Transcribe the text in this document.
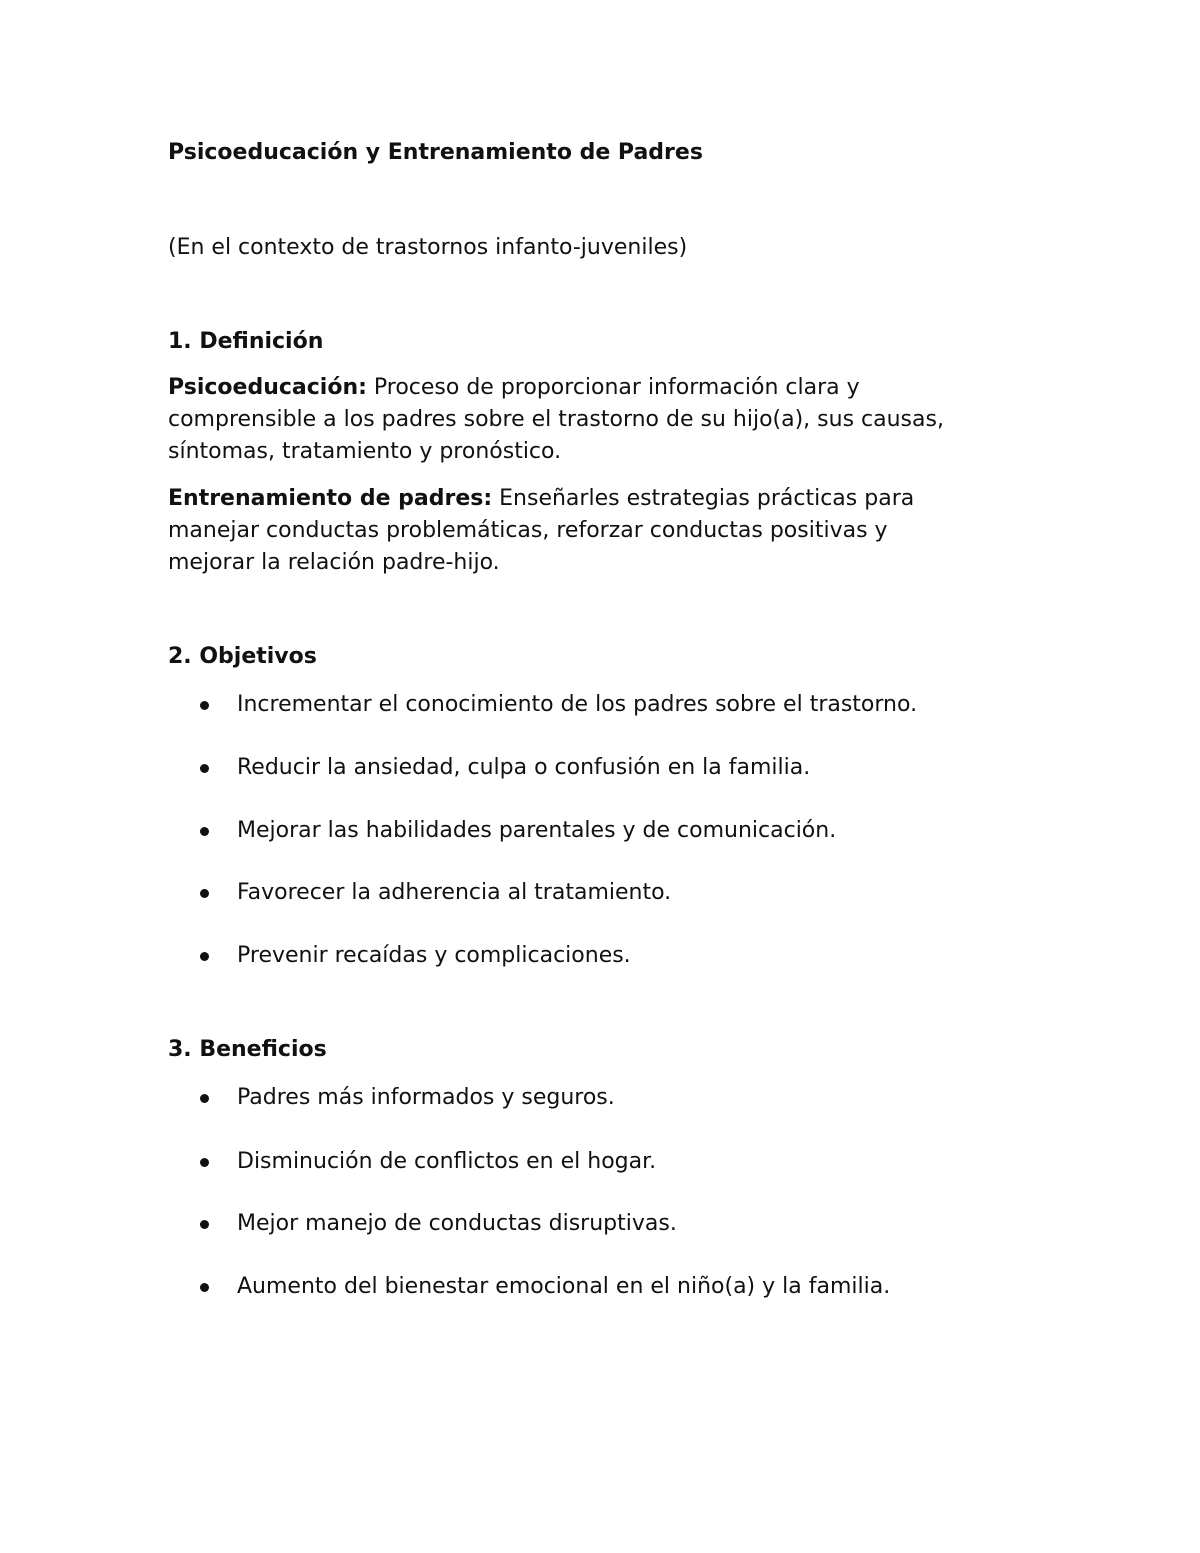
Psicoeducación y Entrenamiento de Padres
(En el contexto de trastornos infanto-juveniles)
1. Definición
Psicoeducación: Proceso de proporcionar información clara y
comprensible a los padres sobre el trastorno de su hijo(a), sus causas,
síntomas, tratamiento y pronóstico.
Entrenamiento de padres: Enseñarles estrategias prácticas para
manejar conductas problemáticas, reforzar conductas positivas y
mejorar la relación padre-hijo.
2. Objetivos
Incrementar el conocimiento de los padres sobre el trastorno.
Reducir la ansiedad, culpa o confusión en la familia.
Mejorar las habilidades parentales y de comunicación.
Favorecer la adherencia al tratamiento.
Prevenir recaídas y complicaciones.
3. Beneficios
Padres más informados y seguros.
Disminución de conflictos en el hogar.
Mejor manejo de conductas disruptivas.
Aumento del bienestar emocional en el niño(a) y la familia.
